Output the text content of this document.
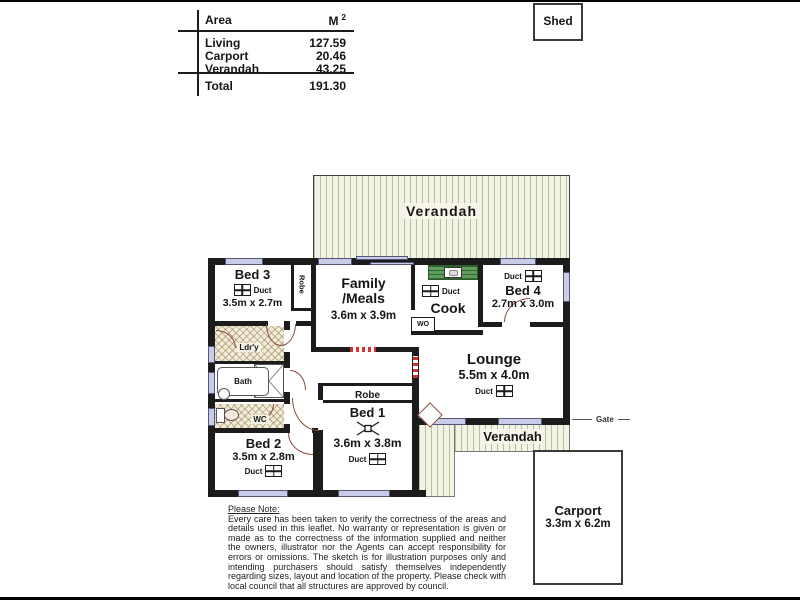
Area	M $^2$
Living	127.59
Carport	20.46
Verandah	43.25
Total	191.30
Shed
Verandah
Bed 3
Duct
3.5m x 2.7m
Robe Family
/Meals
3.6m x 3.9m
Duct
Cook
WO
Duct
Bed 4
2.7m x 3.0m
Lounge
5.5m x 4.0m
Duct
Ldr'y
Bath
WC
Bed 2
3.5m x 2.8m
Duct
Robe
Bed 1
3.6m x 3.8m
Duct
Verandah
Gate
Carport
3.3m x 6.2m
Please Note:
Every care has been taken to verify the correctness of the areas and details used in this leaflet. No warranty or representation is given or made as to the correctness of the information supplied and neither the owners, illustrator nor the Agents can accept responsibility for errors or omissions. The sketch is for illustration purposes only and intending purchasers should satisfy themselves independently regarding sizes, layout and location of the property. Please check with local council that all structures are approved by council.
